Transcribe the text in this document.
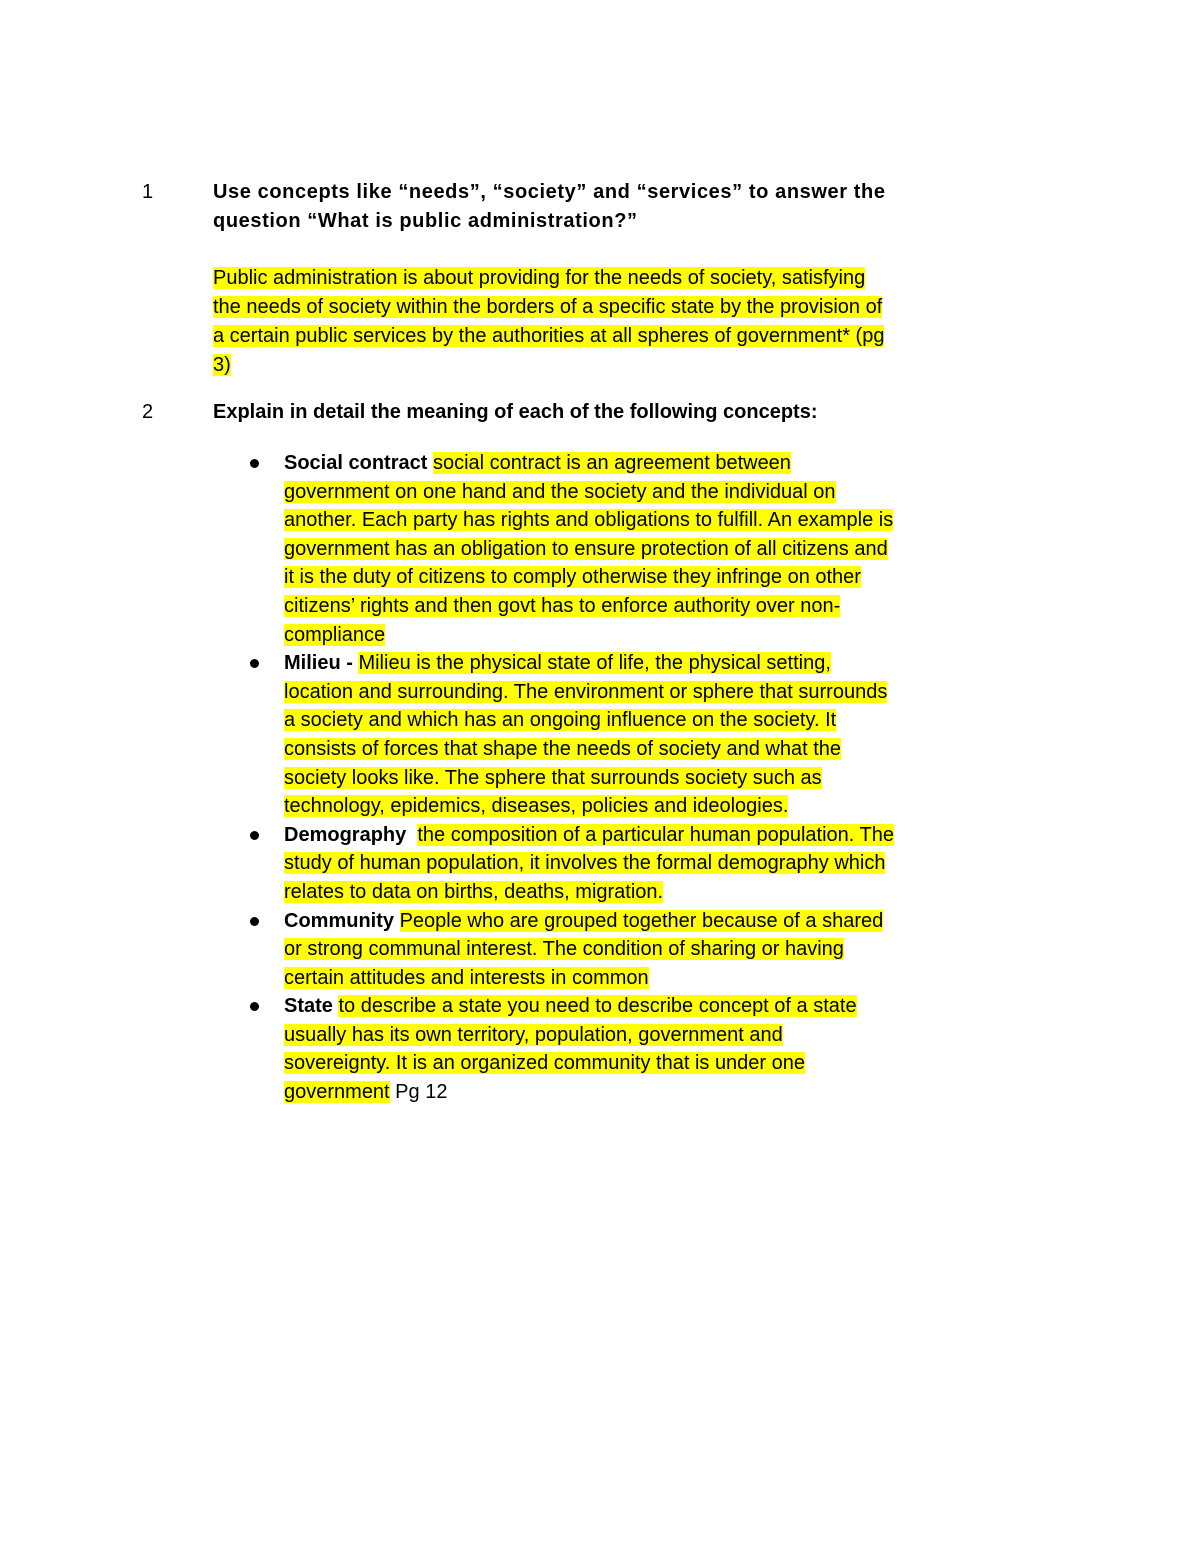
1	Use concepts like “needs”, “society” and “services” to answer the question “What is public administration?”
Public administration is about providing for the needs of society, satisfying the needs of society within the borders of a specific state by the provision of a certain public services by the authorities at all spheres of government* (pg 3)
2	Explain in detail the meaning of each of the following concepts:
Social contract social contract is an agreement between government on one hand and the society and the individual on another. Each party has rights and obligations to fulfill. An example is government has an obligation to ensure protection of all citizens and it is the duty of citizens to comply otherwise they infringe on other citizens’ rights and then govt has to enforce authority over non-compliance
Milieu - Milieu is the physical state of life, the physical setting, location and surrounding. The environment or sphere that surrounds a society and which has an ongoing influence on the society. It consists of forces that shape the needs of society and what the society looks like. The sphere that surrounds society such as technology, epidemics, diseases, policies and ideologies.
Demography the composition of a particular human population. The study of human population, it involves the formal demography which relates to data on births, deaths, migration.
Community People who are grouped together because of a shared or strong communal interest. The condition of sharing or having certain attitudes and interests in common
State to describe a state you need to describe concept of a state usually has its own territory, population, government and sovereignty. It is an organized community that is under one government Pg 12
